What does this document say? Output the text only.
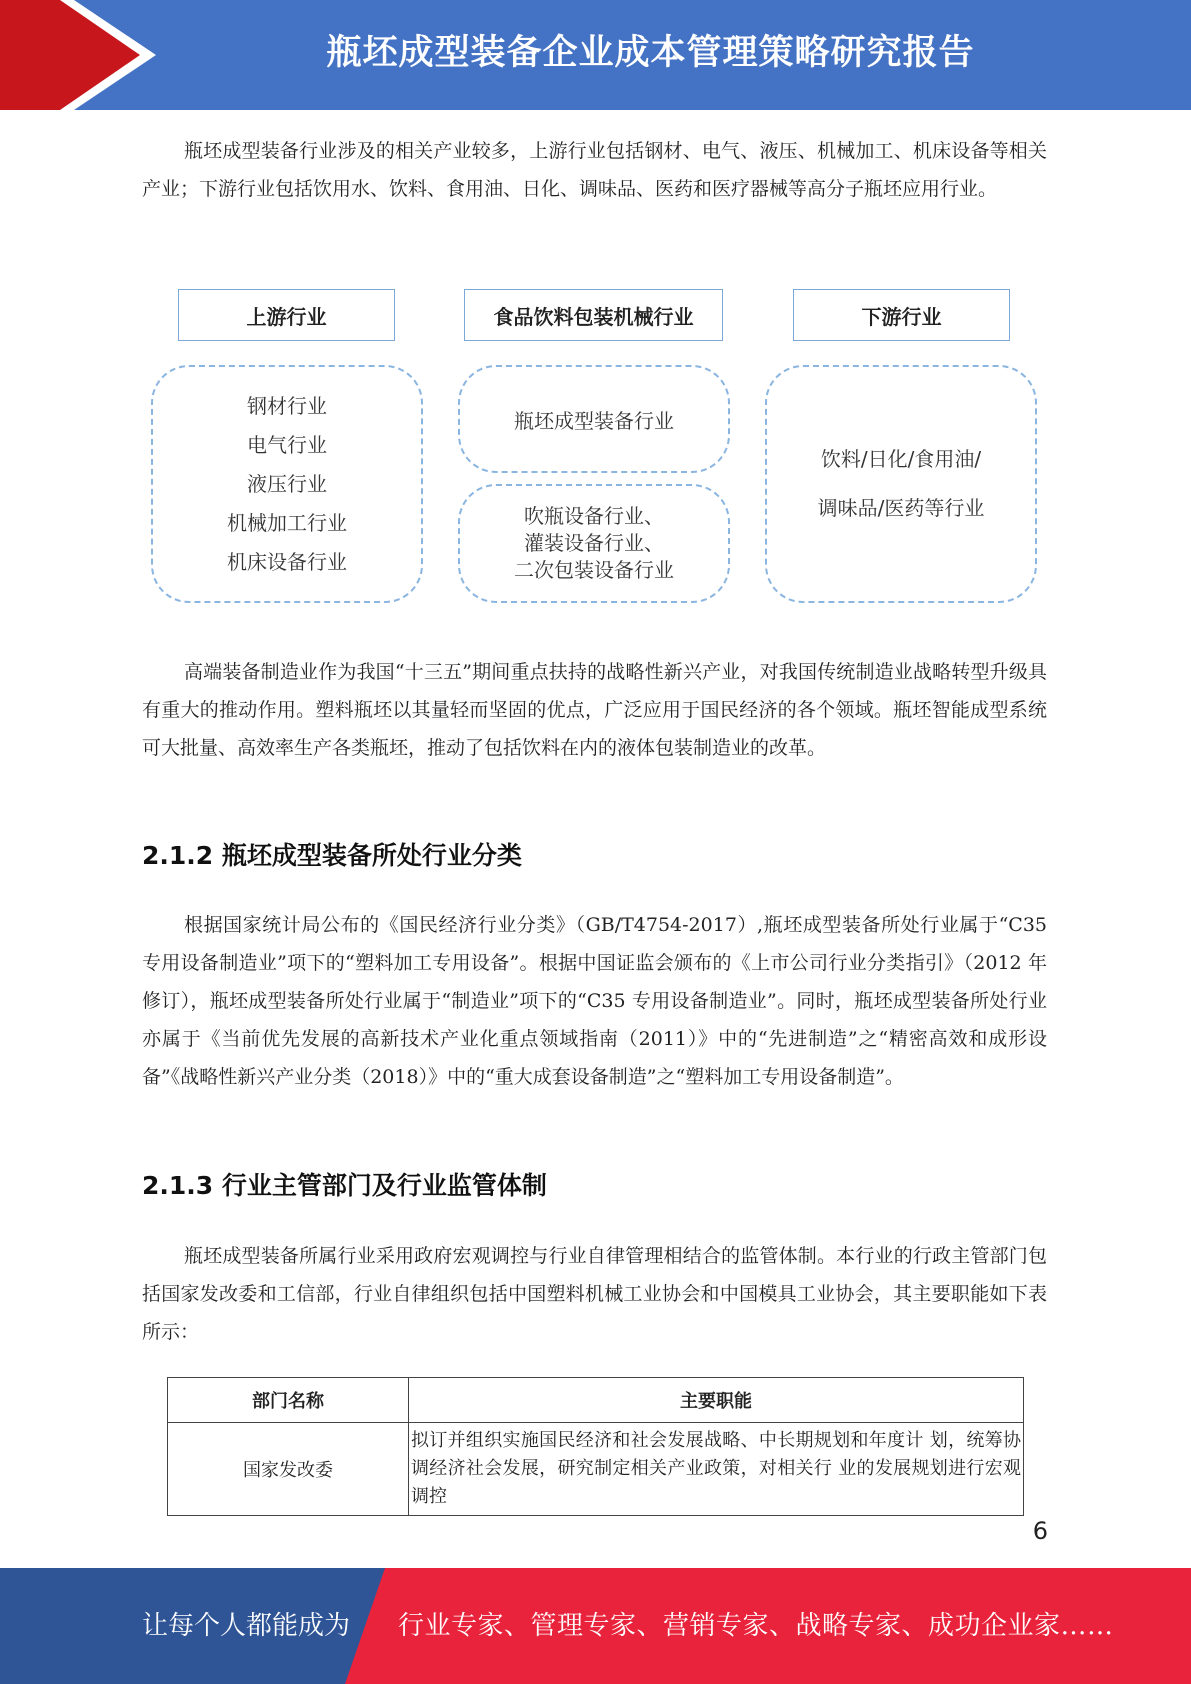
瓶坯成型装备企业成本管理策略研究报告

瓶坯成型装备行业涉及的相关产业较多，上游行业包括钢材、电气、液压、机械加工、机床设备等相关产业；下游行业包括饮用水、饮料、食用油、日化、调味品、医药和医疗器械等高分子瓶坯应用行业。

上游行业	食品饮料包装机械行业	下游行业
钢材行业
电气行业
液压行业
机械加工行业
机床设备行业
瓶坯成型装备行业
吹瓶设备行业、
灌装设备行业、
二次包装设备行业
饮料/日化/食用油/
调味品/医药等行业

高端装备制造业作为我国“十三五”期间重点扶持的战略性新兴产业，对我国传统制造业战略转型升级具有重大的推动作用。塑料瓶坯以其量轻而坚固的优点，广泛应用于国民经济的各个领域。瓶坯智能成型系统可大批量、高效率生产各类瓶坯，推动了包括饮料在内的液体包装制造业的改革。

2.1.2 瓶坯成型装备所处行业分类

根据国家统计局公布的《国民经济行业分类》（GB/T4754-2017）,瓶坯成型装备所处行业属于“C35 专用设备制造业”项下的“塑料加工专用设备”。根据中国证监会颁布的《上市公司行业分类指引》（2012 年修订），瓶坯成型装备所处行业属于“制造业”项下的“C35 专用设备制造业”。同时，瓶坯成型装备所处行业亦属于《当前优先发展的高新技术产业化重点领域指南（2011）》中的“先进制造”之“精密高效和成形设备”《战略性新兴产业分类（2018）》中的“重大成套设备制造”之“塑料加工专用设备制造”。

2.1.3 行业主管部门及行业监管体制

瓶坯成型装备所属行业采用政府宏观调控与行业自律管理相结合的监管体制。本行业的行政主管部门包括国家发改委和工信部，行业自律组织包括中国塑料机械工业协会和中国模具工业协会，其主要职能如下表所示：

部门名称	主要职能
国家发改委	拟订并组织实施国民经济和社会发展战略、中长期规划和年度计 划，统筹协调经济社会发展，研究制定相关产业政策，对相关行 业的发展规划进行宏观调控
6
让每个人都能成为 行业专家、管理专家、营销专家、战略专家、成功企业家……
